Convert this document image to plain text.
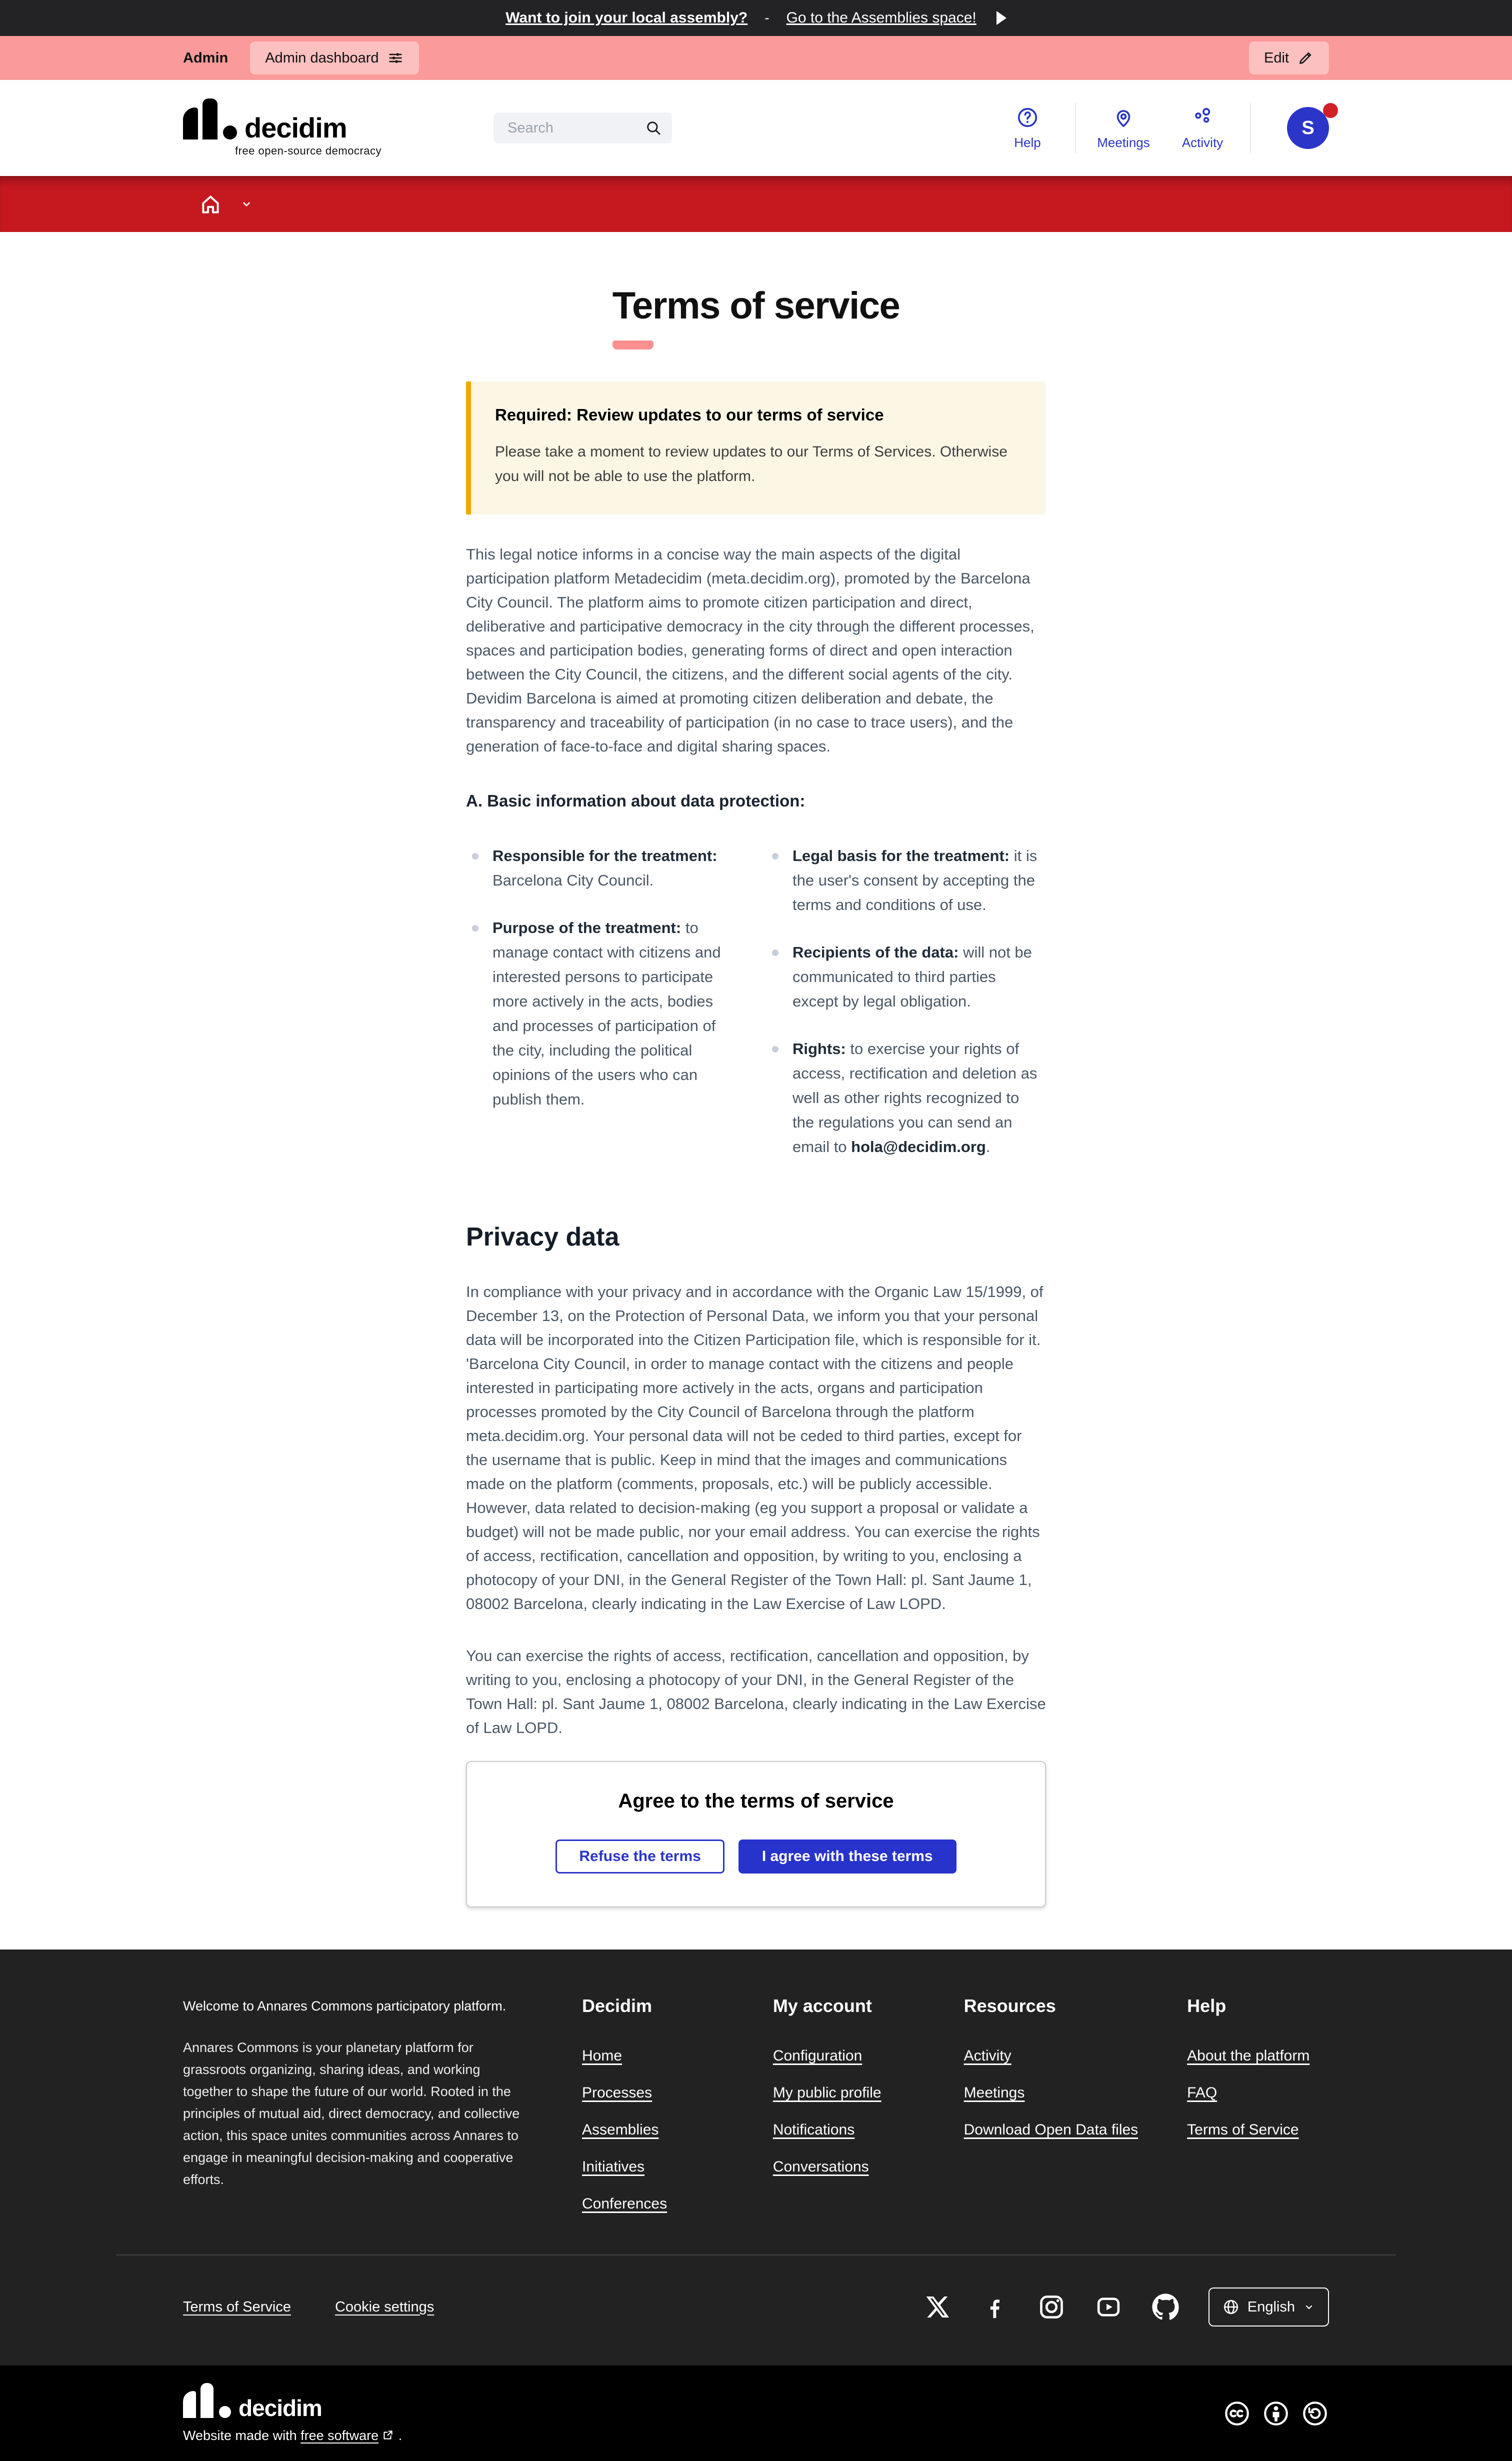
Want to join your local assembly? - Go to the Assemblies space!
Admin	Admin dashboard	Edit
decidim
free open-source democracy
Search
Help	Meetings Activity
S
Terms of service
Required: Review updates to our terms of service

Please take a moment to review updates to our Terms of Services. Otherwise you will not be able to use the platform.

This legal notice informs in a concise way the main aspects of the digital participation platform Metadecidim (meta.decidim.org), promoted by the Barcelona City Council. The platform aims to promote citizen participation and direct, deliberative and participative democracy in the city through the different processes, spaces and participation bodies, generating forms of direct and open interaction between the City Council, the citizens, and the different social agents of the city. Devidim Barcelona is aimed at promoting citizen deliberation and debate, the transparency and traceability of participation (in no case to trace users), and the generation of face-to-face and digital sharing spaces.

A. Basic information about data protection:
Responsible for the treatment: Barcelona City Council.
Purpose of the treatment: to manage contact with citizens and interested persons to participate more actively in the acts, bodies and processes of participation of the city, including the political opinions of the users who can publish them.
Legal basis for the treatment: it is the user's consent by accepting the terms and conditions of use.
Recipients of the data: will not be communicated to third parties except by legal obligation.
Rights: to exercise your rights of access, rectification and deletion as well as other rights recognized to the regulations you can send an email to hola@decidim.org.
Privacy data

In compliance with your privacy and in accordance with the Organic Law 15/1999, of December 13, on the Protection of Personal Data, we inform you that your personal data will be incorporated into the Citizen Participation file, which is responsible for it. 'Barcelona City Council, in order to manage contact with the citizens and people interested in participating more actively in the acts, organs and participation processes promoted by the City Council of Barcelona through the platform meta.decidim.org. Your personal data will not be ceded to third parties, except for the username that is public. Keep in mind that the images and communications made on the platform (comments, proposals, etc.) will be publicly accessible. However, data related to decision-making (eg you support a proposal or validate a budget) will not be made public, nor your email address. You can exercise the rights of access, rectification, cancellation and opposition, by writing to you, enclosing a photocopy of your DNI, in the General Register of the Town Hall: pl. Sant Jaume 1, 08002 Barcelona, clearly indicating in the Law Exercise of Law LOPD.

You can exercise the rights of access, rectification, cancellation and opposition, by writing to you, enclosing a photocopy of your DNI, in the General Register of the Town Hall: pl. Sant Jaume 1, 08002 Barcelona, clearly indicating in the Law Exercise of Law LOPD.

Agree to the terms of service
Refuse the terms	I agree with these terms

Welcome to Annares Commons participatory platform.

Annares Commons is your planetary platform for grassroots organizing, sharing ideas, and working together to shape the future of our world. Rooted in the principles of mutual aid, direct democracy, and collective action, this space unites communities across Annares to engage in meaningful decision-making and cooperative efforts.

Decidim
Home
Processes
Assemblies
Initiatives
Conferences
My account
Configuration
My public profile
Notifications
Conversations
Resources
Activity
Meetings
Download Open Data files
Help
About the platform
FAQ
Terms of Service
Terms of Service	Cookie settings	English
decidim

Website made with free software .
